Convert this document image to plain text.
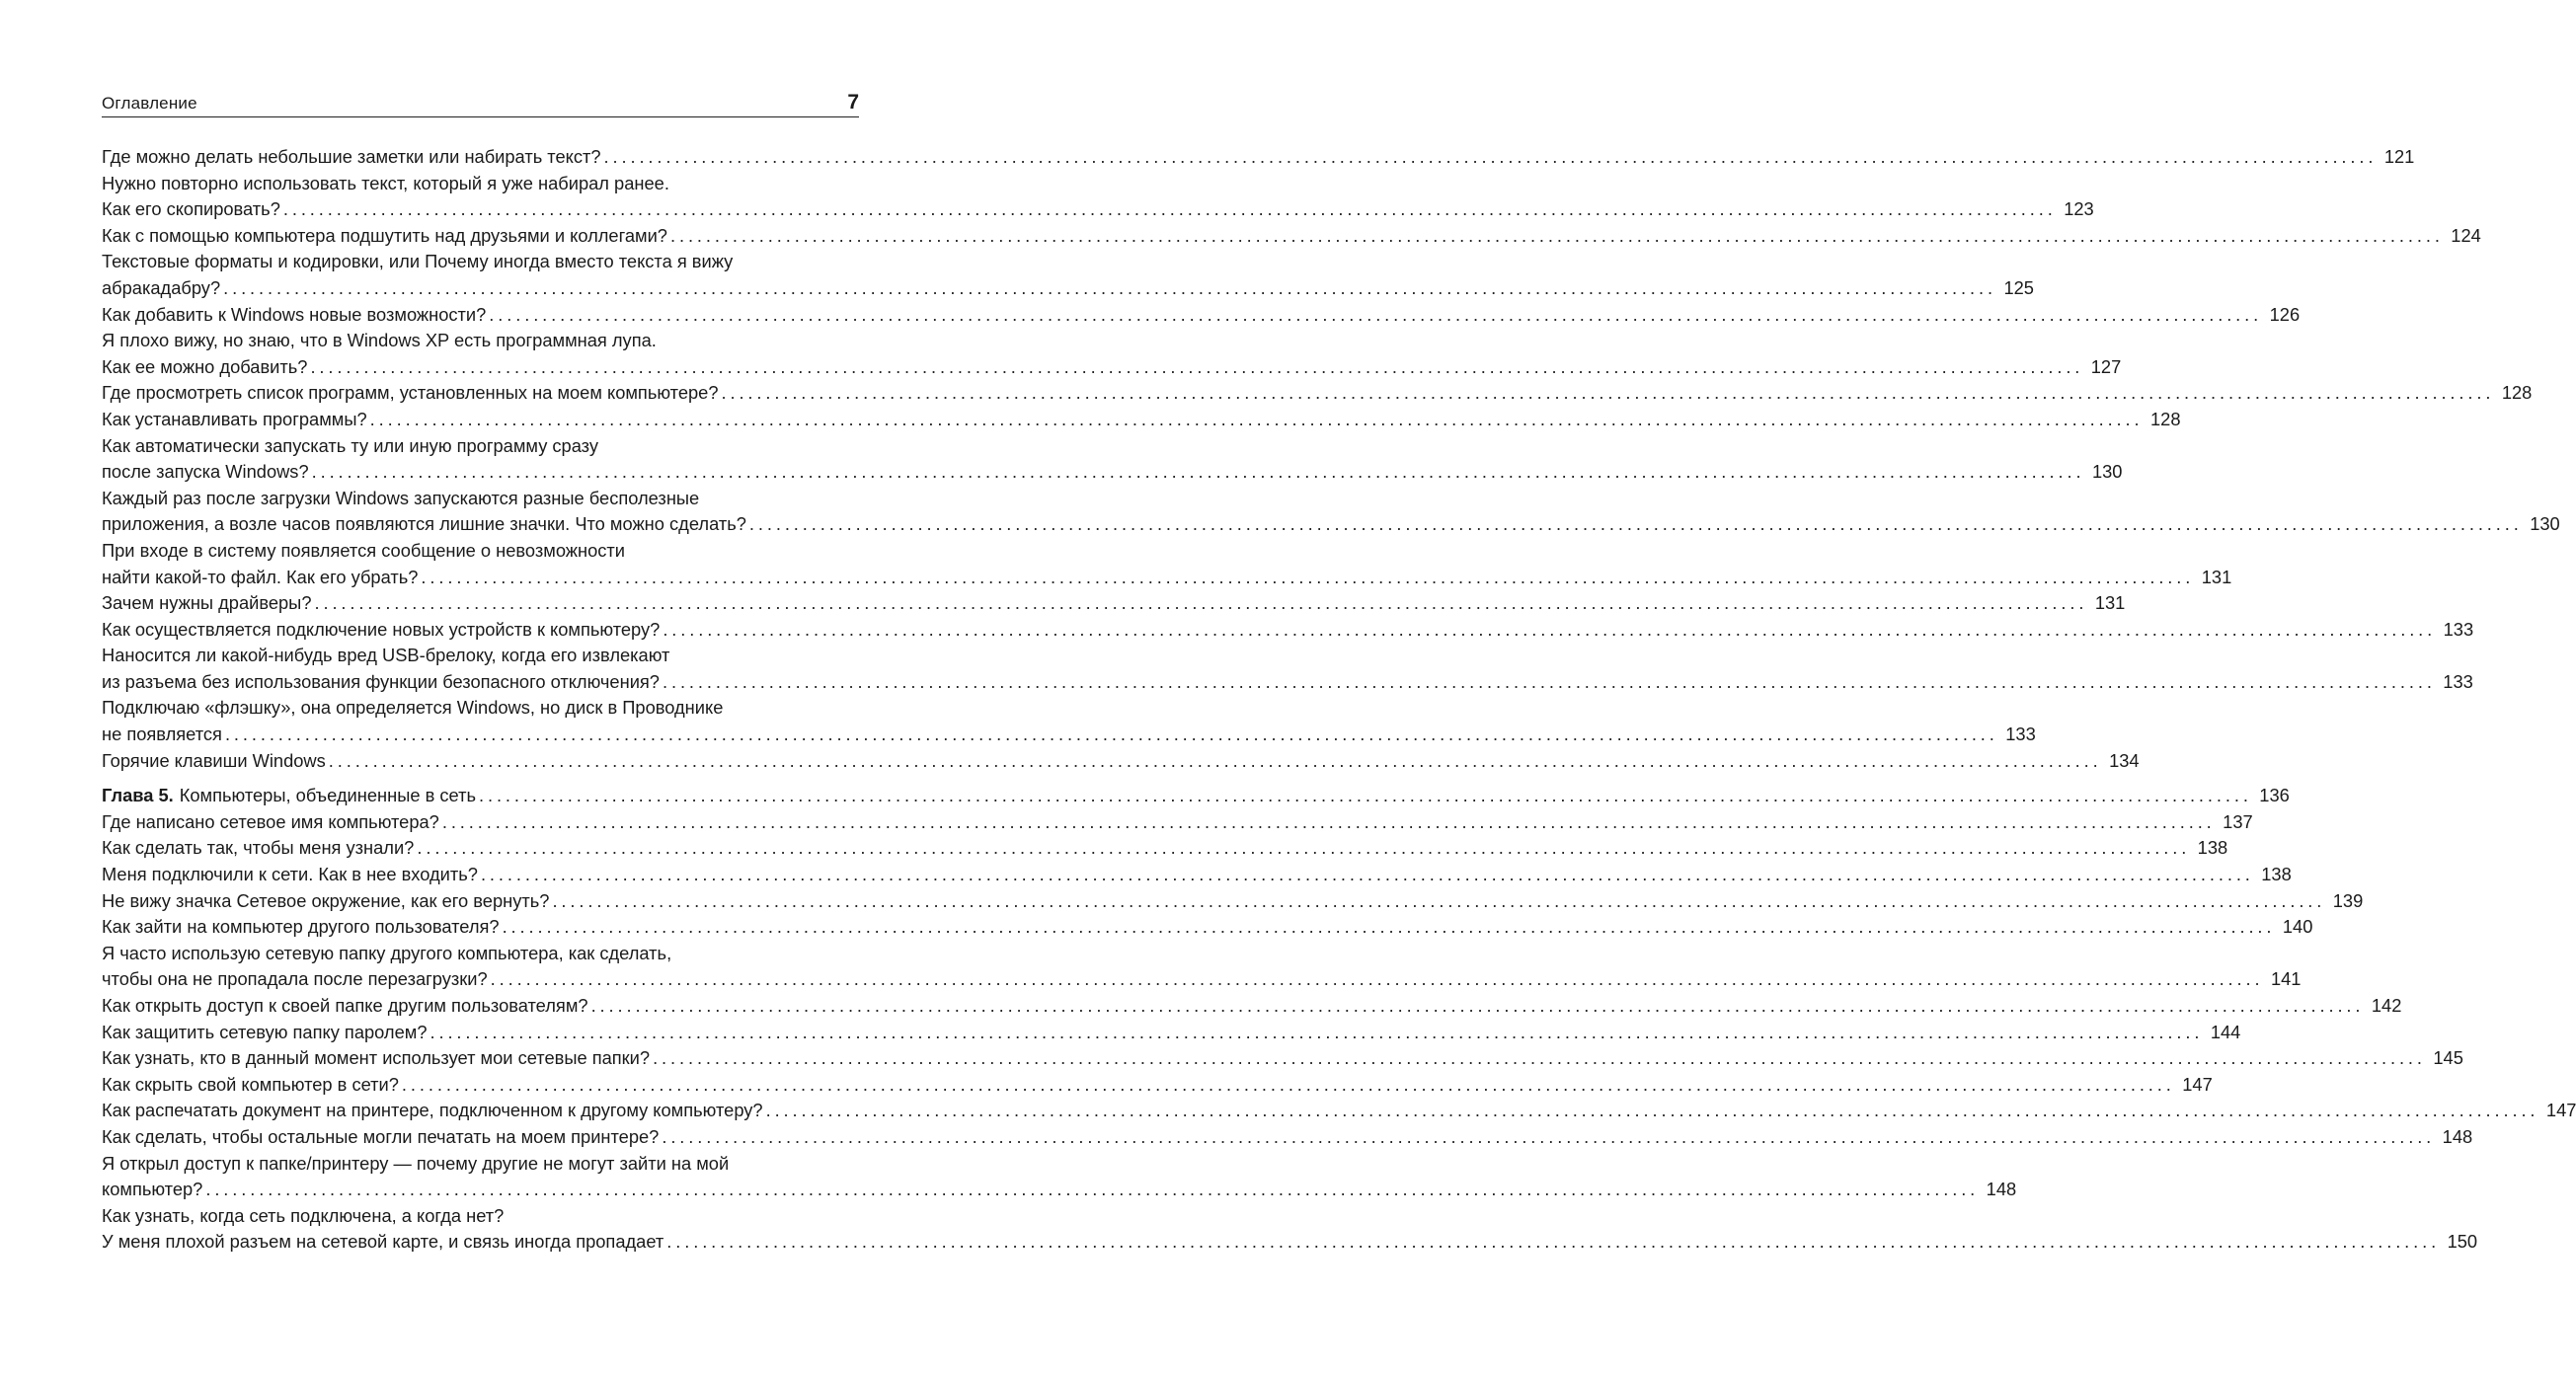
Оглавление	7
Где можно делать небольшие заметки или набирать текст? .....	121
Нужно повторно использовать текст, который я уже набирал ранее.
Как его скопировать? .....	123
Как с помощью компьютера подшутить над друзьями и коллегами? .....	124
Текстовые форматы и кодировки, или Почему иногда вместо текста я вижу
абракадабру? .....	125
Как добавить к Windows новые возможности? .....	126
Я плохо вижу, но знаю, что в Windows XP есть программная лупа.
Как ее можно добавить? .....	127
Где просмотреть список программ, установленных на моем компьютере? .....	128
Как устанавливать программы? .....	128
Как автоматически запускать ту или иную программу сразу
после запуска Windows? .....	130
Каждый раз после загрузки Windows запускаются разные бесполезные
приложения, а возле часов появляются лишние значки. Что можно сделать? .....	130
При входе в систему появляется сообщение о невозможности
найти какой-то файл. Как его убрать? .....	131
Зачем нужны драйверы? .....	131
Как осуществляется подключение новых устройств к компьютеру? .....	133
Наносится ли какой-нибудь вред USB-брелоку, когда его извлекают
из разъема без использования функции безопасного отключения? .....	133
Подключаю «флэшку», она определяется Windows, но диск в Проводнике
не появляется .....	133
Горячие клавиши Windows .....	134
Глава 5. Компьютеры, объединенные в сеть .....	136
Где написано сетевое имя компьютера? .....	137
Как сделать так, чтобы меня узнали? .....	138
Меня подключили к сети. Как в нее входить? .....	138
Не вижу значка Сетевое окружение, как его вернуть? .....	139
Как зайти на компьютер другого пользователя? .....	140
Я часто использую сетевую папку другого компьютера, как сделать,
чтобы она не пропадала после перезагрузки? .....	141
Как открыть доступ к своей папке другим пользователям? .....	142
Как защитить сетевую папку паролем? .....	144
Как узнать, кто в данный момент использует мои сетевые папки? .....	145
Как скрыть свой компьютер в сети? .....	147
Как распечатать документ на принтере, подключенном к другому компьютеру? .....	147
Как сделать, чтобы остальные могли печатать на моем принтере? .....	148
Я открыл доступ к папке/принтеру — почему другие не могут зайти на мой
компьютер? .....	148
Как узнать, когда сеть подключена, а когда нет?
У меня плохой разъем на сетевой карте, и связь иногда пропадает .....	150
